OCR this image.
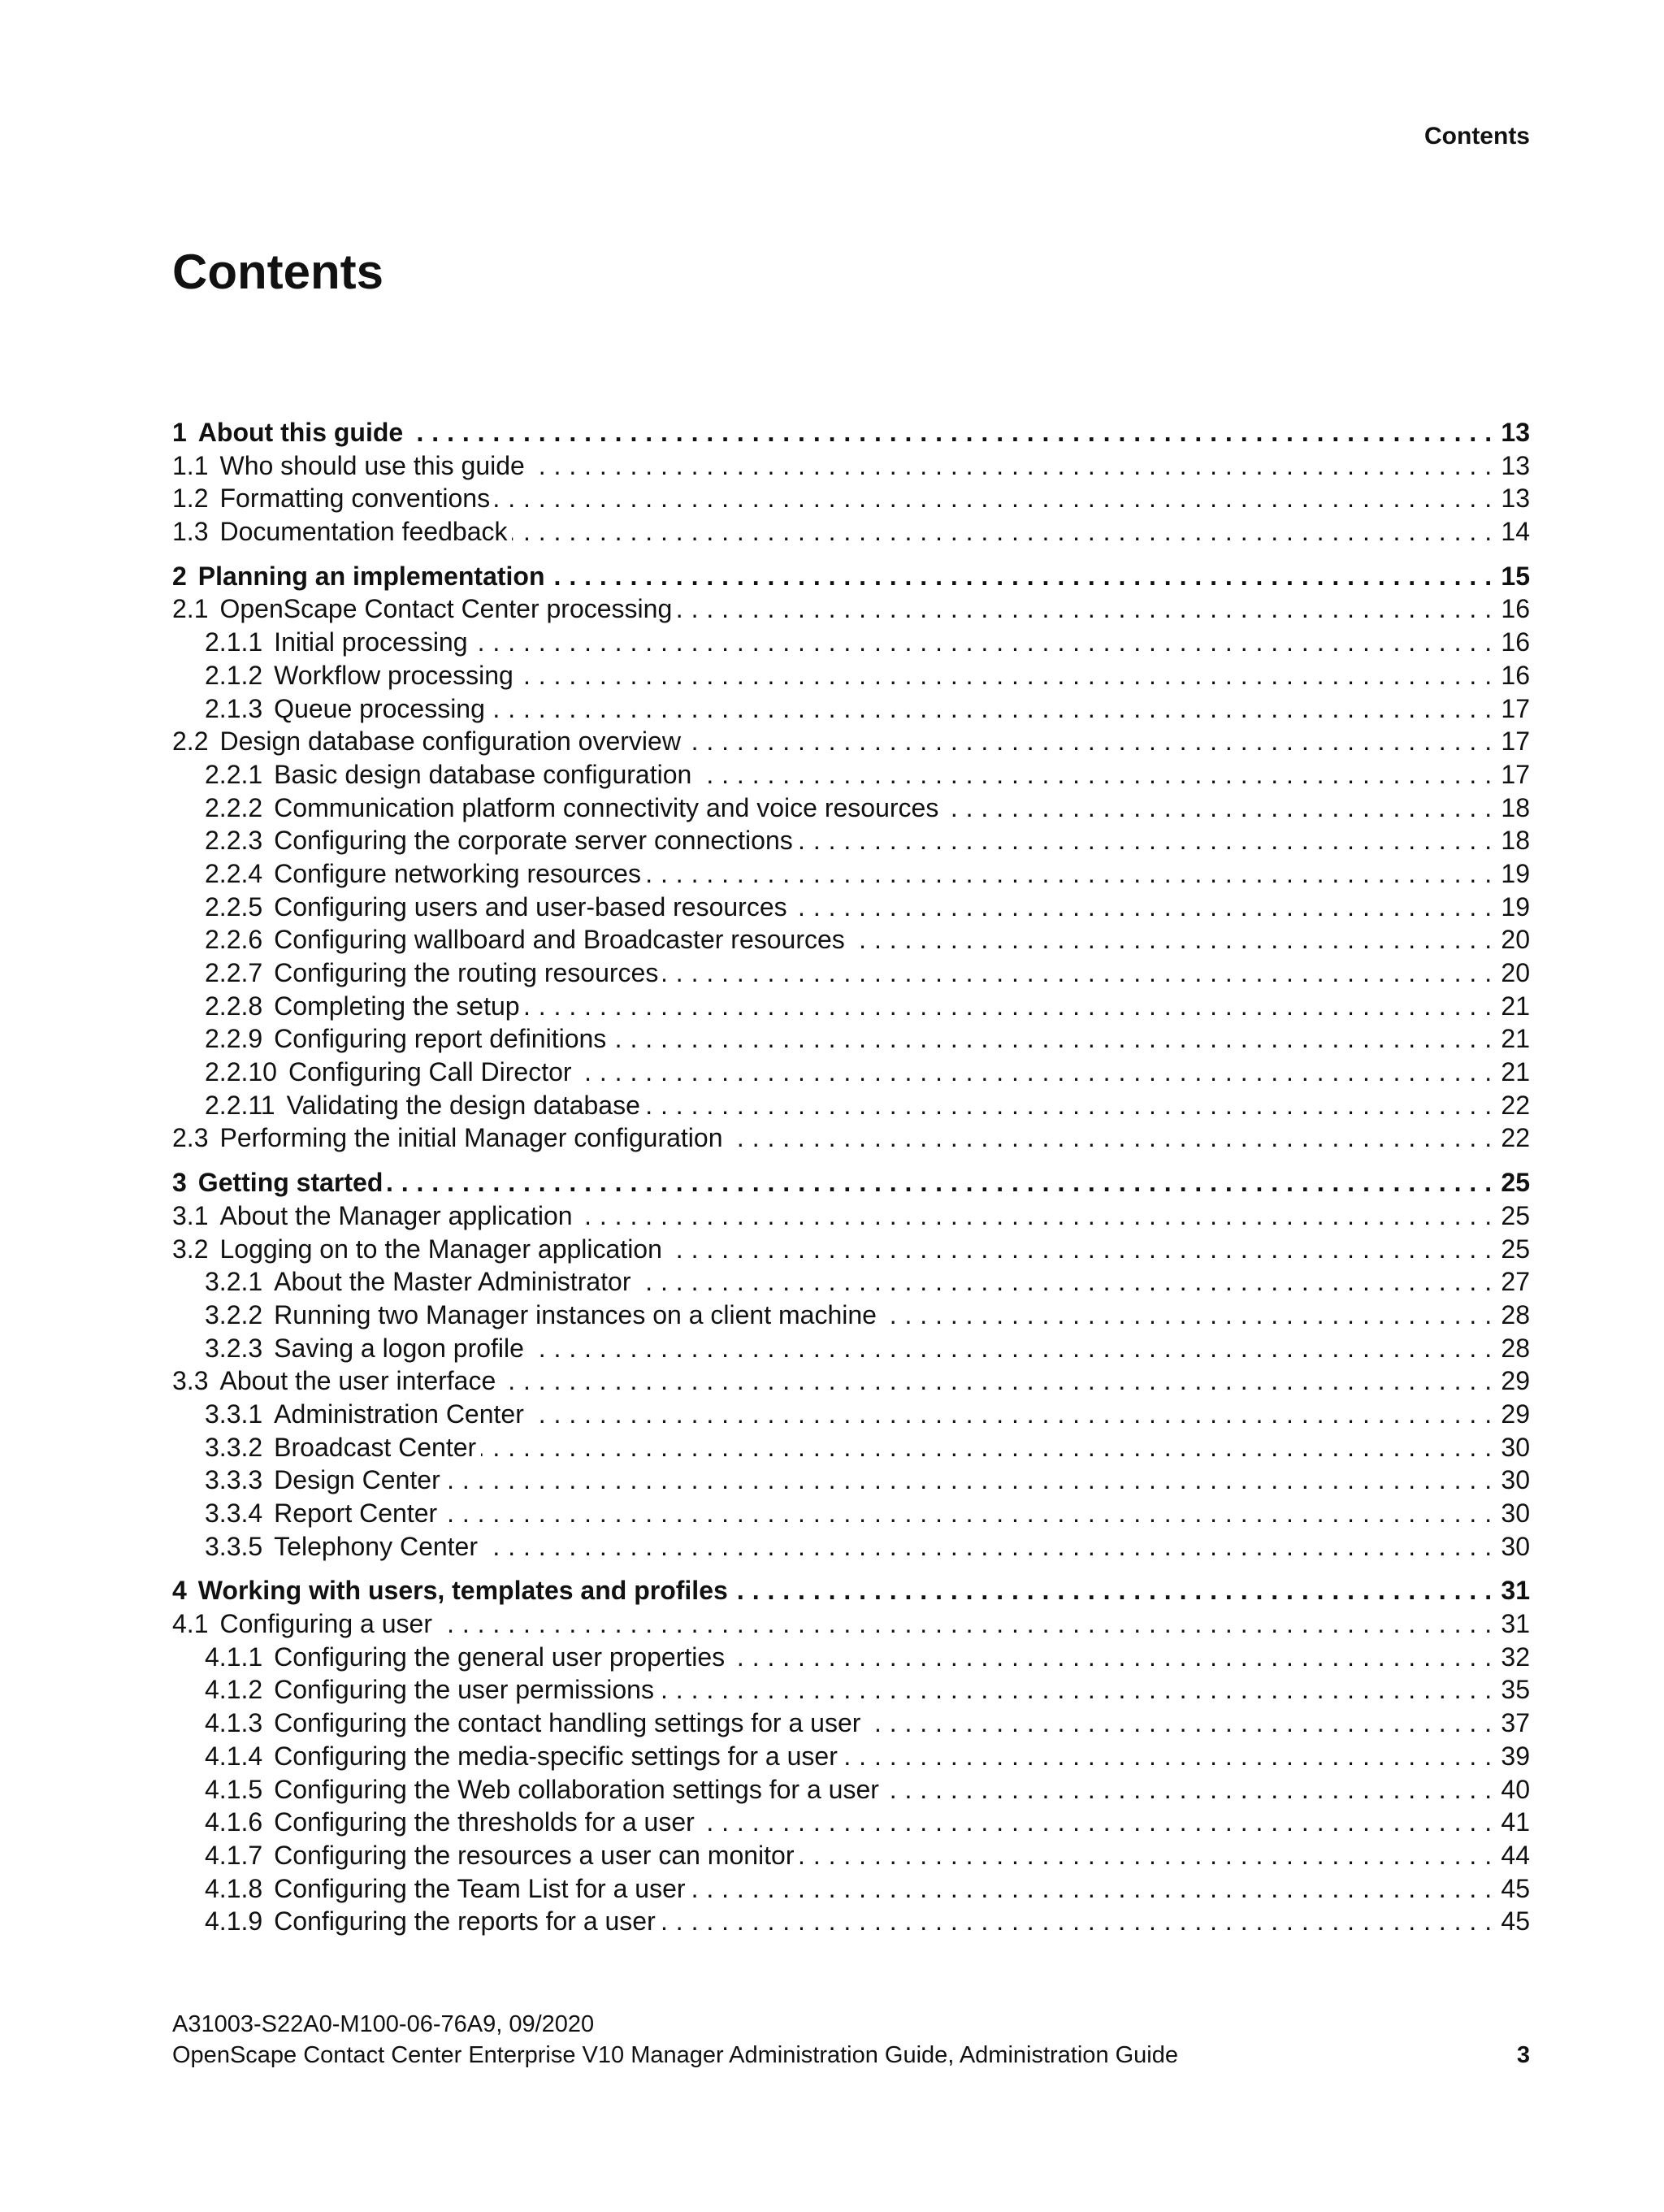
Contents
Contents
. . . 1 About this guide	13
. . . 1.1 Who should use this guide	13
. . . 1.2 Formatting conventions	13
. . . 1.3 Documentation feedback	14
. . . 2 Planning an implementation	15
. . . 2.1 OpenScape Contact Center processing	16
. . . 2.1.1 Initial processing	16
. . . 2.1.2 Workflow processing	16
. . . 2.1.3 Queue processing	17
. . . 2.2 Design database configuration overview	17
. . . 2.2.1 Basic design database configuration	17
. . . 2.2.2 Communication platform connectivity and voice resources	18
. . . 2.2.3 Configuring the corporate server connections	18
. . . 2.2.4 Configure networking resources	19
. . . 2.2.5 Configuring users and user-based resources	19
. . . 2.2.6 Configuring wallboard and Broadcaster resources	20
. . . 2.2.7 Configuring the routing resources	20
. . . 2.2.8 Completing the setup	21
. . . 2.2.9 Configuring report definitions	21
. . . 2.2.10 Configuring Call Director	21
. . . 2.2.11 Validating the design database	22
. . . 2.3 Performing the initial Manager configuration	22
. . . 3 Getting started	25
. . . 3.1 About the Manager application	25
. . . 3.2 Logging on to the Manager application	25
. . . 3.2.1 About the Master Administrator	27
. . . 3.2.2 Running two Manager instances on a client machine	28
. . . 3.2.3 Saving a logon profile	28
. . . 3.3 About the user interface	29
. . . 3.3.1 Administration Center	29
. . . 3.3.2 Broadcast Center	30
. . . 3.3.3 Design Center	30
. . . 3.3.4 Report Center	30
. . . 3.3.5 Telephony Center	30
. . . 4 Working with users, templates and profiles	31
. . . 4.1 Configuring a user	31
. . . 4.1.1 Configuring the general user properties	32
. . . 4.1.2 Configuring the user permissions	35
. . . 4.1.3 Configuring the contact handling settings for a user	37
. . . 4.1.4 Configuring the media-specific settings for a user	39
. . . 4.1.5 Configuring the Web collaboration settings for a user	40
. . . 4.1.6 Configuring the thresholds for a user	41
. . . 4.1.7 Configuring the resources a user can monitor	44
. . . 4.1.8 Configuring the Team List for a user	45
. . . 4.1.9 Configuring the reports for a user	45
A31003-S22A0-M100-06-76A9, 09/2020
OpenScape Contact Center Enterprise V10 Manager Administration Guide, Administration Guide	3
